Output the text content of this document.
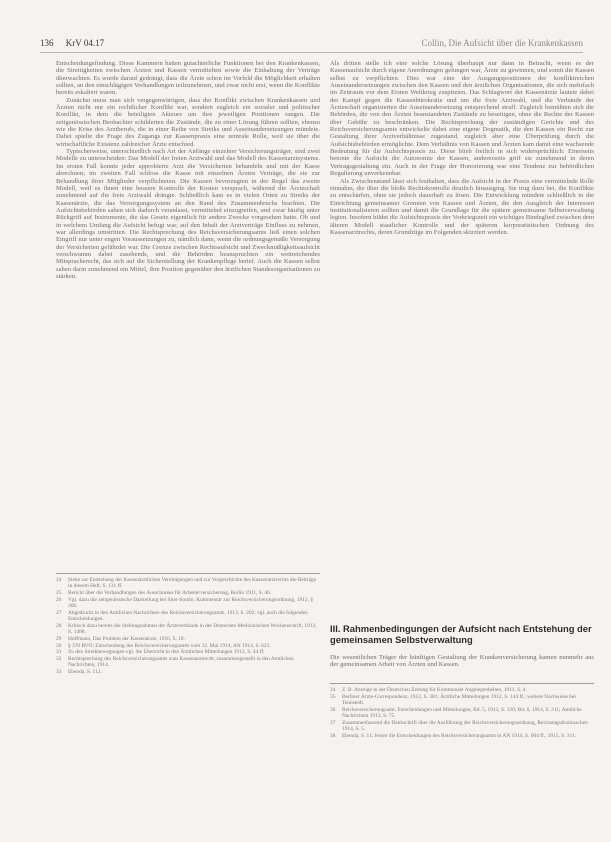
136 KrV 04.17	Collin, Die Aufsicht über die Krankenkassen

Entscheidungsfindung. Diese Kammern hatten gutachterliche Funktionen bei den Krankenkassen, die Streitigkeiten zwischen Ärzten und Kassen vermittelten sowie die Einhaltung der Verträge überwachten. Es wurde darauf gedrängt, dass die Ärzte schon im Vorfeld die Möglichkeit erhalten sollten, an den einschlägigen Verhandlungen teilzunehmen, und zwar nicht erst, wenn die Konflikte bereits eskaliert waren.

Zunächst muss man sich vergegenwärtigen, dass der Konflikt zwischen Krankenkassen und Ärzten nicht nur ein rechtlicher Konflikt war, sondern zugleich ein sozialer und politischer Konflikt, in dem die beteiligten Akteure um ihre jeweiligen Positionen rangen. Die zeitgenössischen Beobachter schilderten die Zustände, die zu einer Lösung führen sollten, ebenso wie die Krise des Arztberufs, die in einer Reihe von Streiks und Auseinandersetzungen mündete. Dabei spielte die Frage des Zugangs zur Kassenpraxis eine zentrale Rolle, weil sie über die wirtschaftliche Existenz zahlreicher Ärzte entschied.

Typischerweise, unterschiedlich nach Art der Anfänge einzelner Versicherungsträger, sind zwei Modelle zu unterscheiden: Das Modell der freien Arztwahl und das Modell des Kassenarztsystems. Im ersten Fall konnte jeder approbierte Arzt die Versicherten behandeln und mit der Kasse abrechnen; im zweiten Fall schloss die Kasse mit einzelnen Ärzten Verträge, die sie zur Behandlung ihrer Mitglieder verpflichteten. Die Kassen bevorzugten in der Regel das zweite Modell, weil es ihnen eine bessere Kontrolle der Kosten versprach, während die Ärzteschaft zunehmend auf die freie Arztwahl drängte. Schließlich kam es in vielen Orten zu Streiks der Kassenärzte, die das Versorgungssystem an den Rand des Zusammenbruchs brachten. Die Aufsichtsbehörden sahen sich dadurch veranlasst, vermittelnd einzugreifen, und zwar häufig unter Rückgriff auf Instrumente, die das Gesetz eigentlich für andere Zwecke vorgesehen hatte. Ob und in welchem Umfang die Aufsicht befugt war, auf den Inhalt der Arztverträge Einfluss zu nehmen, war allerdings umstritten. Die Rechtsprechung des Reichsversicherungsamts ließ einen solchen Eingriff nur unter engen Voraussetzungen zu, nämlich dann, wenn die ordnungsgemäße Versorgung der Versicherten gefährdet war. Die Grenze zwischen Rechtsaufsicht und Zweckmäßigkeitsaufsicht verschwamm dabei zusehends, und die Behörden beanspruchten ein weitreichendes Mitspracherecht, das sich auf die Sicherstellung der Krankenpflege berief. Auch die Kassen selbst sahen darin zunehmend ein Mittel, ihre Position gegenüber den ärztlichen Standesorganisationen zu stärken.

24	Siehe zur Entstehung der Kassenärztlichen Vereinigungen und zur Vorgeschichte des Kassenarztrechts die Beiträge in diesem Heft, S. 131 ff.
25	Bericht über die Verhandlungen des Ausschusses für Arbeiterversicherung, Berlin 1911, S. 46.
26	Vgl. dazu die zeitgenössische Darstellung bei Stier-Somlo, Kommentar zur Reichsversicherungsordnung, 1912, § 368.
27	Abgedruckt in den Amtlichen Nachrichten des Reichsversicherungsamts, 1913, S. 202; vgl. auch die folgenden Entscheidungen.
28	Kritisch dazu bereits die Stellungnahmen der Ärzteverbände in der Deutschen Medizinischen Wochenschrift, 1913, S. 1488.
29	Hoffmann, Das Problem der Kassenärzte, 1910, S. 18.
30	§ 370 RVO; Entscheidung des Reichsversicherungsamts vom 12. Mai 1914, AN 1914, S. 623.
31	Zu den Streikbewegungen vgl. die Übersicht in den Ärztlichen Mitteilungen 1913, S. 44 ff.
32	Rechtsprechung des Reichsversicherungsamts zum Kassenarztrecht, zusammengestellt in den Amtlichen Nachrichten, 1914.
33	Ebenda, S. 112.

Als dritten stelle ich eine solche Lösung überhaupt nur dann in Betracht, wenn es der Kassenaufsicht durch eigene Anordnungen gelungen war, Ärzte zu gewinnen, und somit die Kassen selbst zu verpflichten. Dies war eine der Ausgangspositionen der konfliktreichen Auseinandersetzungen zwischen den Kassen und den ärztlichen Organisationen, die sich mehrfach im Zeitraum vor dem Ersten Weltkrieg zuspitzten. Das Schlagwort der Kassenärzte lautete dabei der Kampf gegen die Kassenbürokratie und um die freie Arztwahl, und die Verbände der Ärzteschaft organisierten die Auseinandersetzung entsprechend straff. Zugleich bemühten sich die Behörden, die von den Ärzten beanstandeten Zustände zu beseitigen, ohne die Rechte der Kassen über Gebühr zu beschränken. Die Rechtsprechung der zuständigen Gerichte und des Reichsversicherungsamts entwickelte dabei eine eigene Dogmatik, die den Kassen ein Recht zur Gestaltung ihrer Arztverhältnisse zugestand, zugleich aber eine Überprüfung durch die Aufsichtsbehörden ermöglichte. Dem Verhältnis von Kassen und Ärzten kam damit eine wachsende Bedeutung für die Aufsichtspraxis zu. Diese blieb freilich in sich widersprüchlich: Einerseits betonte die Aufsicht die Autonomie der Kassen, andererseits griff sie zunehmend in deren Vertragsgestaltung ein. Auch in der Frage der Honorierung war eine Tendenz zur behördlichen Regulierung unverkennbar.

Als Zwischenstand lässt sich festhalten, dass die Aufsicht in der Praxis eine vermittelnde Rolle einnahm, die über die bloße Rechtskontrolle deutlich hinausging. Sie trug dazu bei, die Konflikte zu entschärfen, ohne sie jedoch dauerhaft zu lösen. Die Entwicklung mündete schließlich in die Einrichtung gemeinsamer Gremien von Kassen und Ärzten, die den Ausgleich der Interessen institutionalisieren sollten und damit die Grundlage für die spätere gemeinsame Selbstverwaltung legten. Insofern bildet die Aufsichtspraxis der Vorkriegszeit ein wichtiges Bindeglied zwischen dem älteren Modell staatlicher Kontrolle und der späteren korporatistischen Ordnung des Kassenarztrechts, deren Grundzüge im Folgenden skizziert werden.

III. Rahmenbedingungen der Aufsicht nach Entstehung der gemeinsamen Selbstverwaltung
Die wesentlichen Träger der künftigen Gestaltung der Krankenversicherung kamen nunmehr aus der gemeinsamen Arbeit von Ärzten und Kassen.
34	Z. B. Anzeige in der Deutschen Zeitung für Kommunale Angelegenheiten, 1911, S. 4.
35	Berliner Ärzte-Correspondenz, 1912, S. 381; Ärztliche Mitteilungen 1912, S. 144 ff.; weitere Nachweise bei Tennstedt.
36	Reichsversicherungsamt, Entscheidungen und Mitteilungen, Bd. 5, 1913, S. 120; Bd. 6, 1914, S. 211; Amtliche Nachrichten 1913, S. 75.
37	Zusammenfassend die Denkschrift über die Ausführung der Reichsversicherungsordnung, Reichstagsdrucksachen 1914, S. 5.
38	Ebenda, S. 11; ferner die Entscheidungen des Reichsversicherungsamts in AN 1914, S. 604 ff., 1915, S. 311.
